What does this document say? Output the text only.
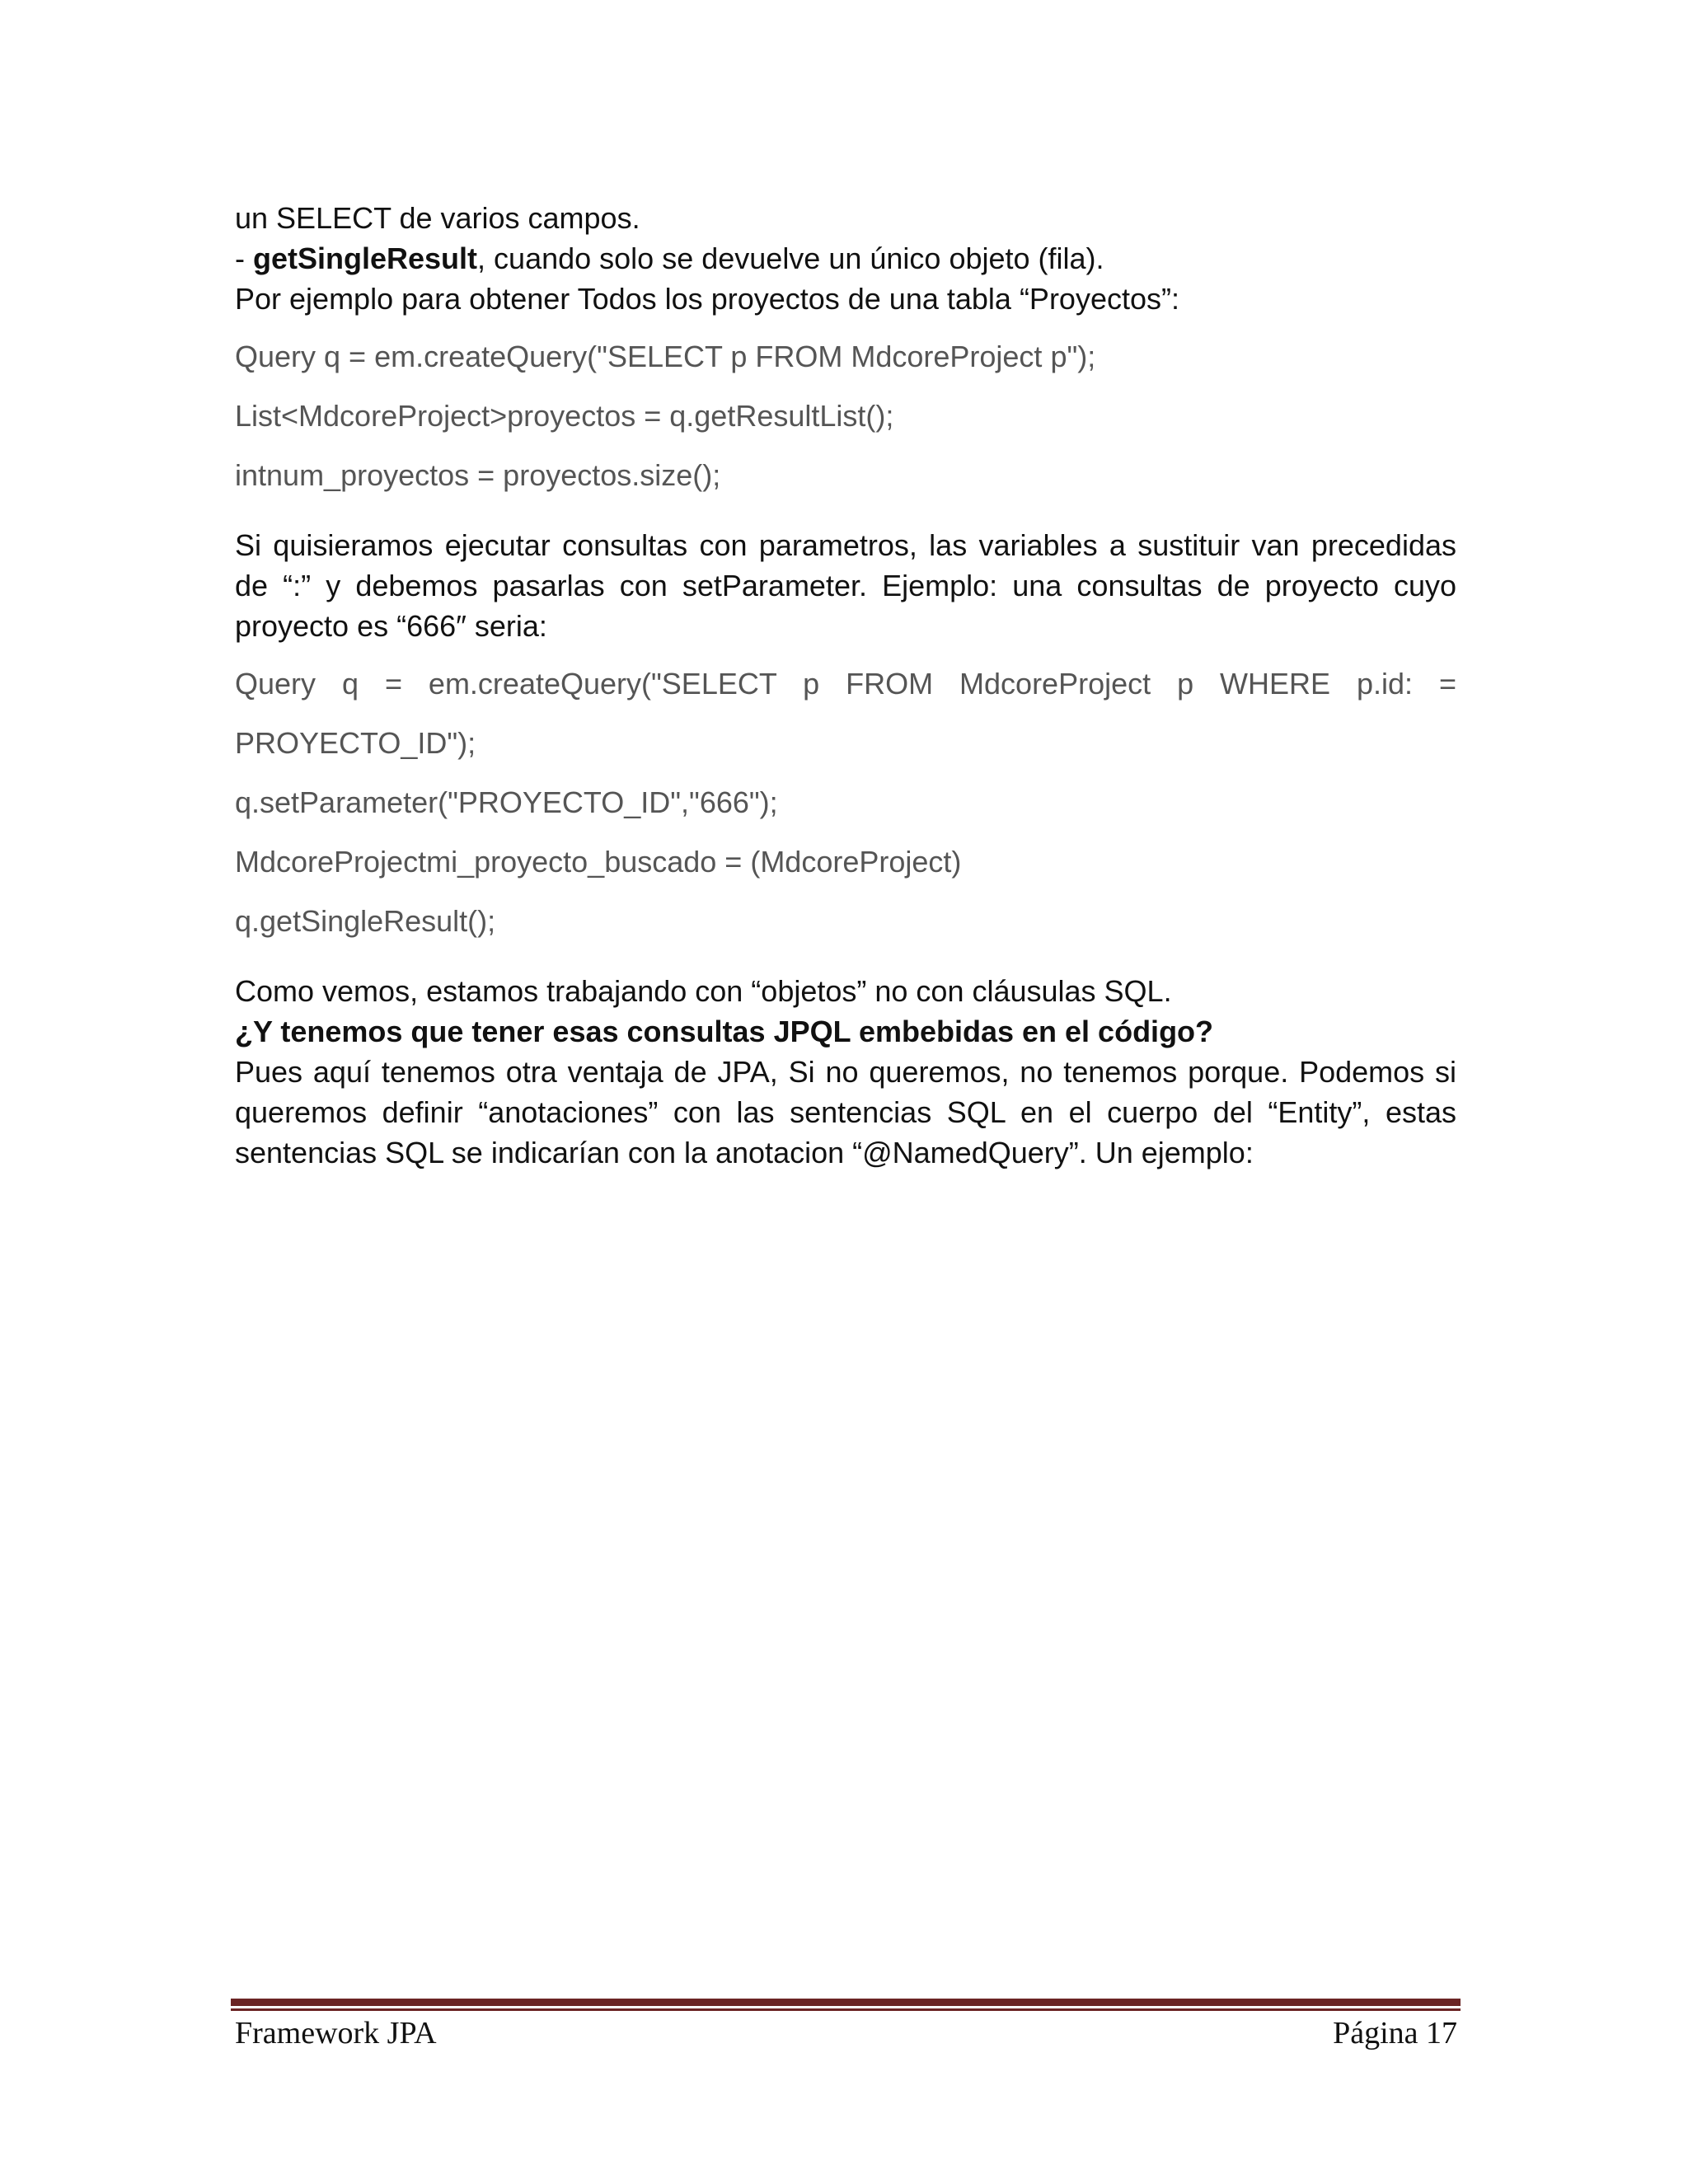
un SELECT de varios campos.

- getSingleResult, cuando solo se devuelve un único objeto (fila).

Por ejemplo para obtener Todos los proyectos de una tabla “Proyectos”:

Query q = em.createQuery("SELECT p FROM MdcoreProject p");

List<MdcoreProject>proyectos = q.getResultList();

intnum_proyectos = proyectos.size();

Si quisieramos ejecutar consultas con parametros, las variables a sustituir van precedidas de “:” y debemos pasarlas con setParameter. Ejemplo: una consultas de proyecto cuyo proyecto es “666″ seria:

Query q = em.createQuery("SELECT p FROM MdcoreProject p WHERE p.id: =

PROYECTO_ID");

q.setParameter("PROYECTO_ID","666");

MdcoreProjectmi_proyecto_buscado = (MdcoreProject)

q.getSingleResult();

Como vemos, estamos trabajando con “objetos” no con cláusulas SQL.

¿Y tenemos que tener esas consultas JPQL embebidas en el código?

Pues aquí tenemos otra ventaja de JPA, Si no queremos, no tenemos porque. Podemos si queremos definir “anotaciones” con las sentencias SQL en el cuerpo del “Entity”, estas sentencias SQL se indicarían con la anotacion “@NamedQuery”. Un ejemplo:

Framework JPA	Página 17
